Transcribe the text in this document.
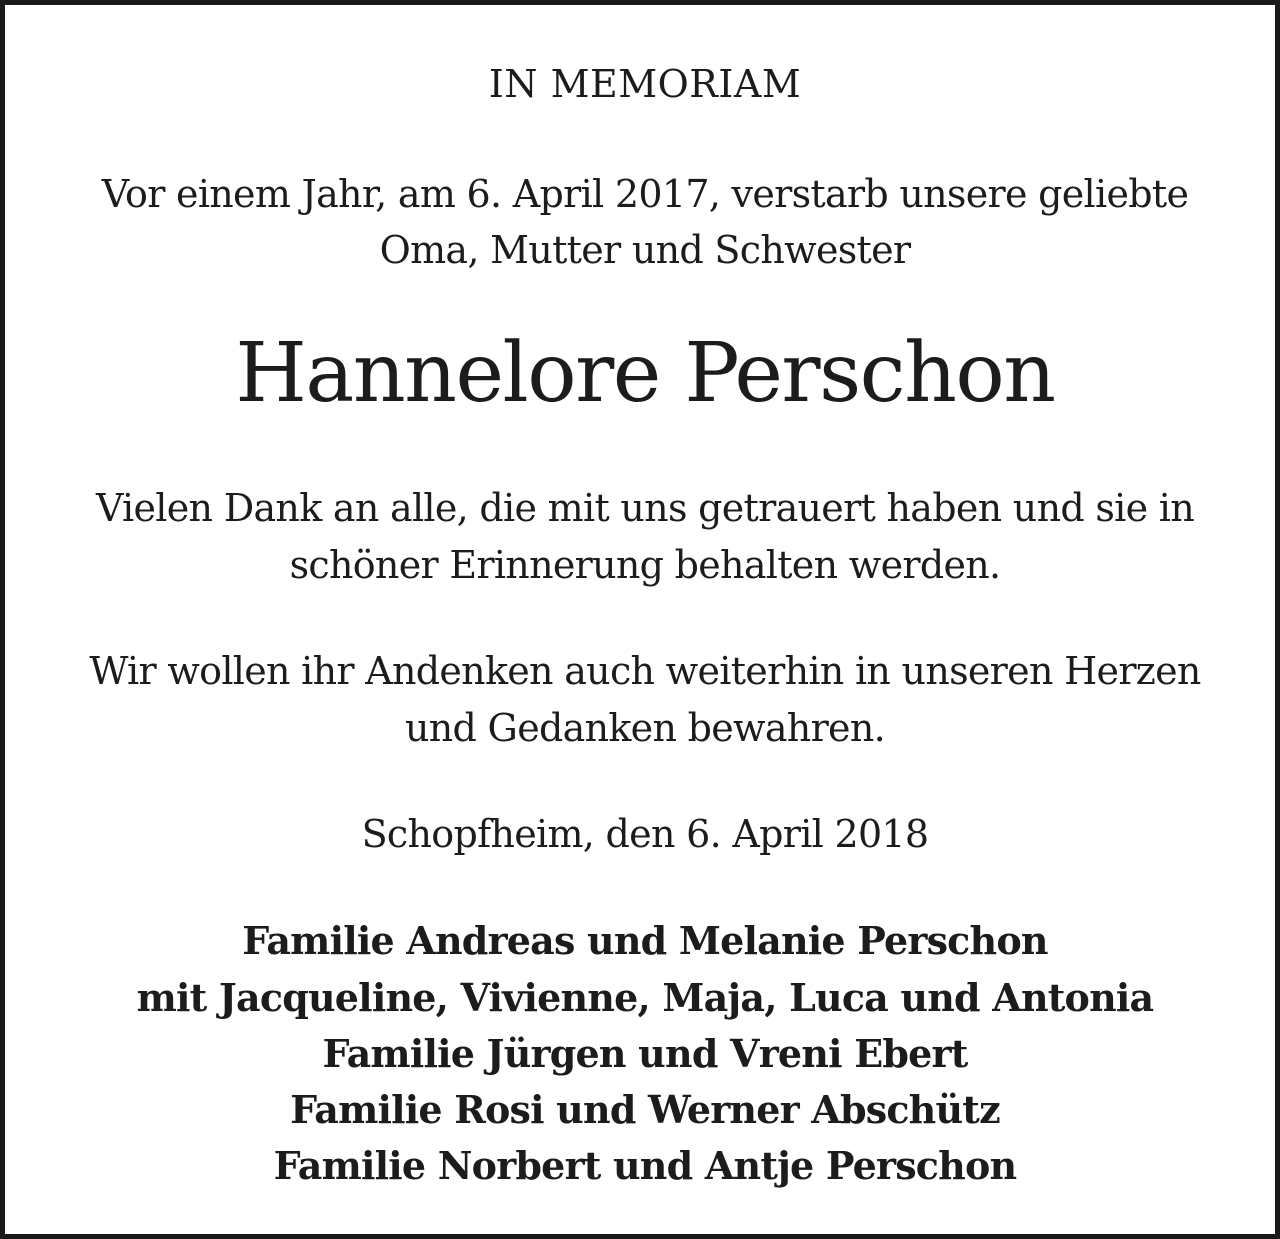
IN MEMORIAM

Vor einem Jahr, am 6. April 2017, verstarb unsere geliebte

Oma, Mutter und Schwester

Hannelore Perschon

Vielen Dank an alle, die mit uns getrauert haben und sie in

schöner Erinnerung behalten werden.

Wir wollen ihr Andenken auch weiterhin in unseren Herzen

und Gedanken bewahren.

Schopfheim, den 6. April 2018

Familie Andreas und Melanie Perschon

mit Jacqueline, Vivienne, Maja, Luca und Antonia

Familie Jürgen und Vreni Ebert

Familie Rosi und Werner Abschütz

Familie Norbert und Antje Perschon
